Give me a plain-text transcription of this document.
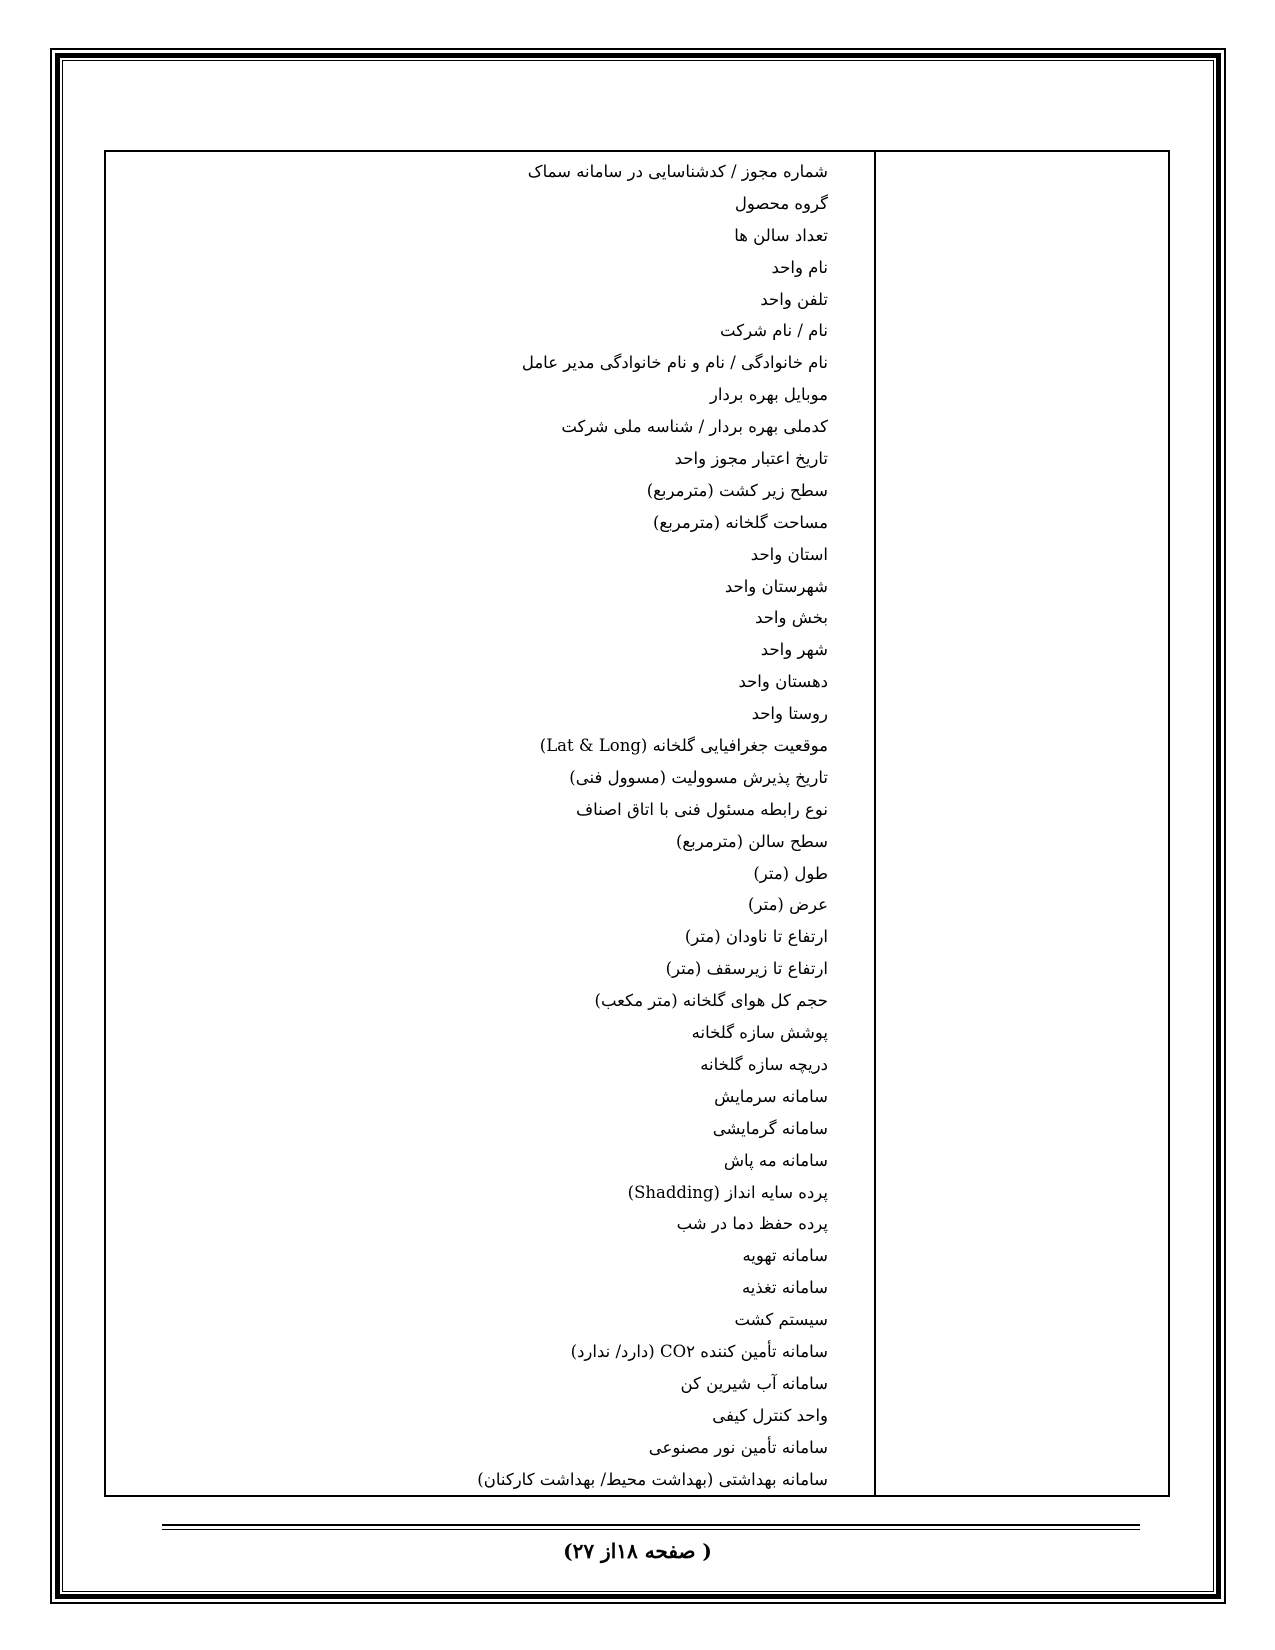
شماره مجوز / کدشناسایی در سامانه سماک
گروه محصول
تعداد سالن ها
نام واحد
تلفن واحد
نام / نام شرکت
نام خانوادگی / نام و نام خانوادگی مدیر عامل
موبایل بهره بردار
کدملی بهره بردار / شناسه ملی شرکت
تاریخ اعتبار مجوز واحد
سطح زیر کشت (مترمربع)
مساحت گلخانه (مترمربع)
استان واحد
شهرستان واحد
بخش واحد
شهر واحد
دهستان واحد
روستا واحد
موقعیت جغرافیایی گلخانه (Lat & Long)
تاریخ پذیرش مسوولیت (مسوول فنی)
نوع رابطه مسئول فنی با اتاق اصناف
سطح سالن (مترمربع)
طول (متر)
عرض (متر)
ارتفاع تا ناودان (متر)
ارتفاع تا زیرسقف (متر)
حجم کل هوای گلخانه (متر مکعب)
پوشش سازه گلخانه
دریچه سازه گلخانه
سامانه سرمایش
سامانه گرمایشی
سامانه مه پاش
پرده سایه انداز (Shadding)
پرده حفظ دما در شب
سامانه تهویه
سامانه تغذیه
سیستم کشت
سامانه تأمین کننده CO۲ (دارد/ ندارد)
سامانه آب شیرین کن
واحد کنترل کیفی
سامانه تأمین نور مصنوعی
سامانه بهداشتی (بهداشت محیط/ بهداشت کارکنان)
( صفحه ۱۸از ۲۷)
